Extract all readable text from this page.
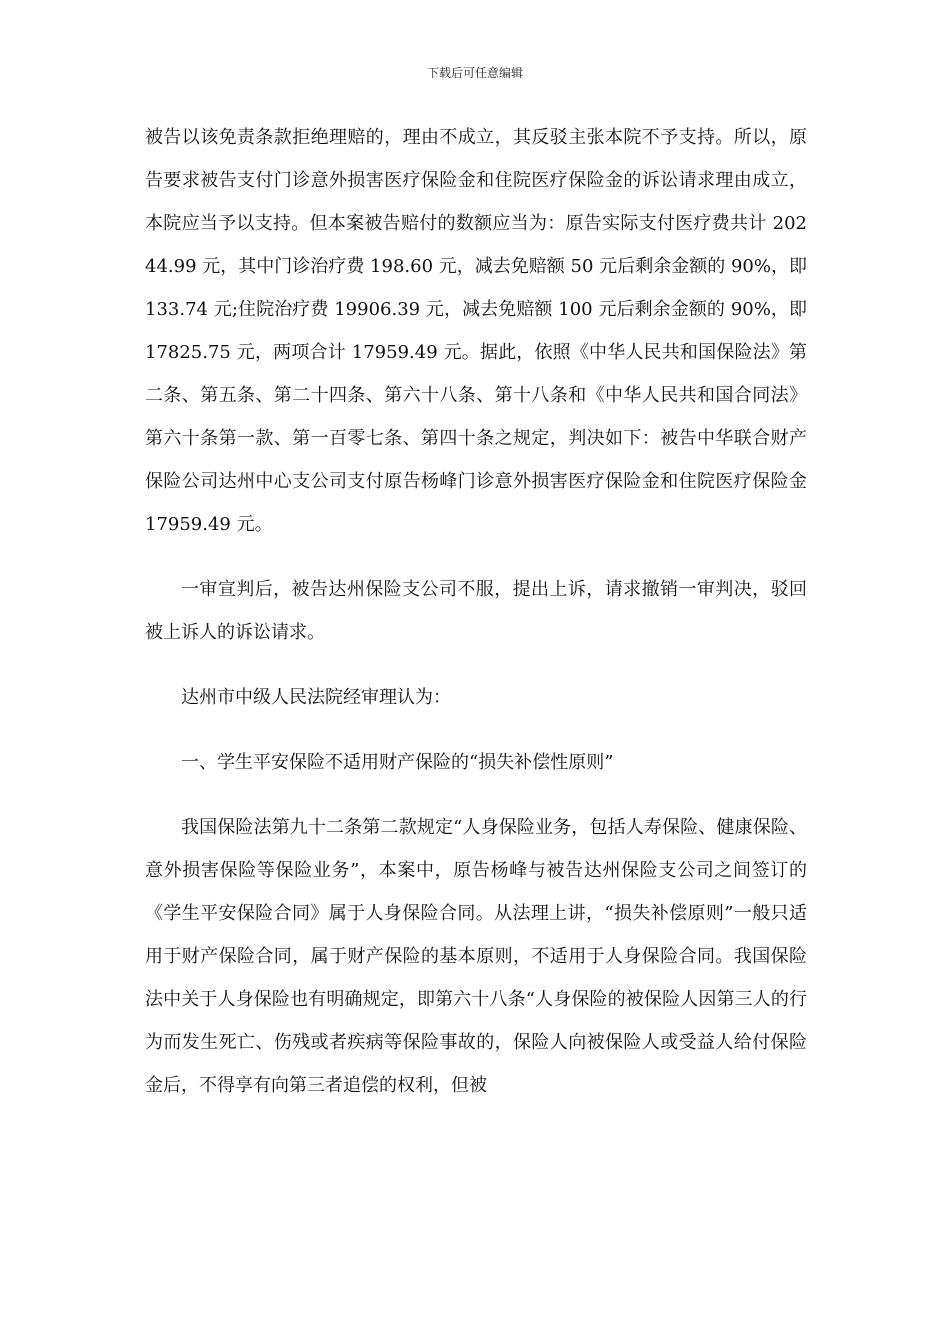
下载后可任意编辑

被告以该免责条款拒绝理赔的，理由不成立，其反驳主张本院不予支持。所以，原告要求被告支付门诊意外损害医疗保险金和住院医疗保险金的诉讼请求理由成立，本院应当予以支持。但本案被告赔付的数额应当为：原告实际支付医疗费共计 20244.99 元，其中门诊治疗费 198.60 元，减去免赔额 50 元后剩余金额的 90%，即 133.74 元;住院治疗费 19906.39 元，减去免赔额 100 元后剩余金额的 90%，即 17825.75 元，两项合计 17959.49 元。据此，依照《中华人民共和国保险法》第二条、第五条、第二十四条、第六十八条、第十八条和《中华人民共和国合同法》第六十条第一款、第一百零七条、第四十条之规定，判决如下：被告中华联合财产保险公司达州中心支公司支付原告杨峰门诊意外损害医疗保险金和住院医疗保险金 17959.49 元。

一审宣判后，被告达州保险支公司不服，提出上诉，请求撤销一审判决，驳回被上诉人的诉讼请求。

达州市中级人民法院经审理认为：

一、学生平安保险不适用财产保险的“损失补偿性原则”

我国保险法第九十二条第二款规定“人身保险业务，包括人寿保险、健康保险、意外损害保险等保险业务”，本案中，原告杨峰与被告达州保险支公司之间签订的《学生平安保险合同》属于人身保险合同。从法理上讲，“损失补偿原则”一般只适用于财产保险合同，属于财产保险的基本原则，不适用于人身保险合同。我国保险法中关于人身保险也有明确规定，即第六十八条“人身保险的被保险人因第三人的行为而发生死亡、伤残或者疾病等保险事故的，保险人向被保险人或受益人给付保险金后，不得享有向第三者追偿的权利，但被
